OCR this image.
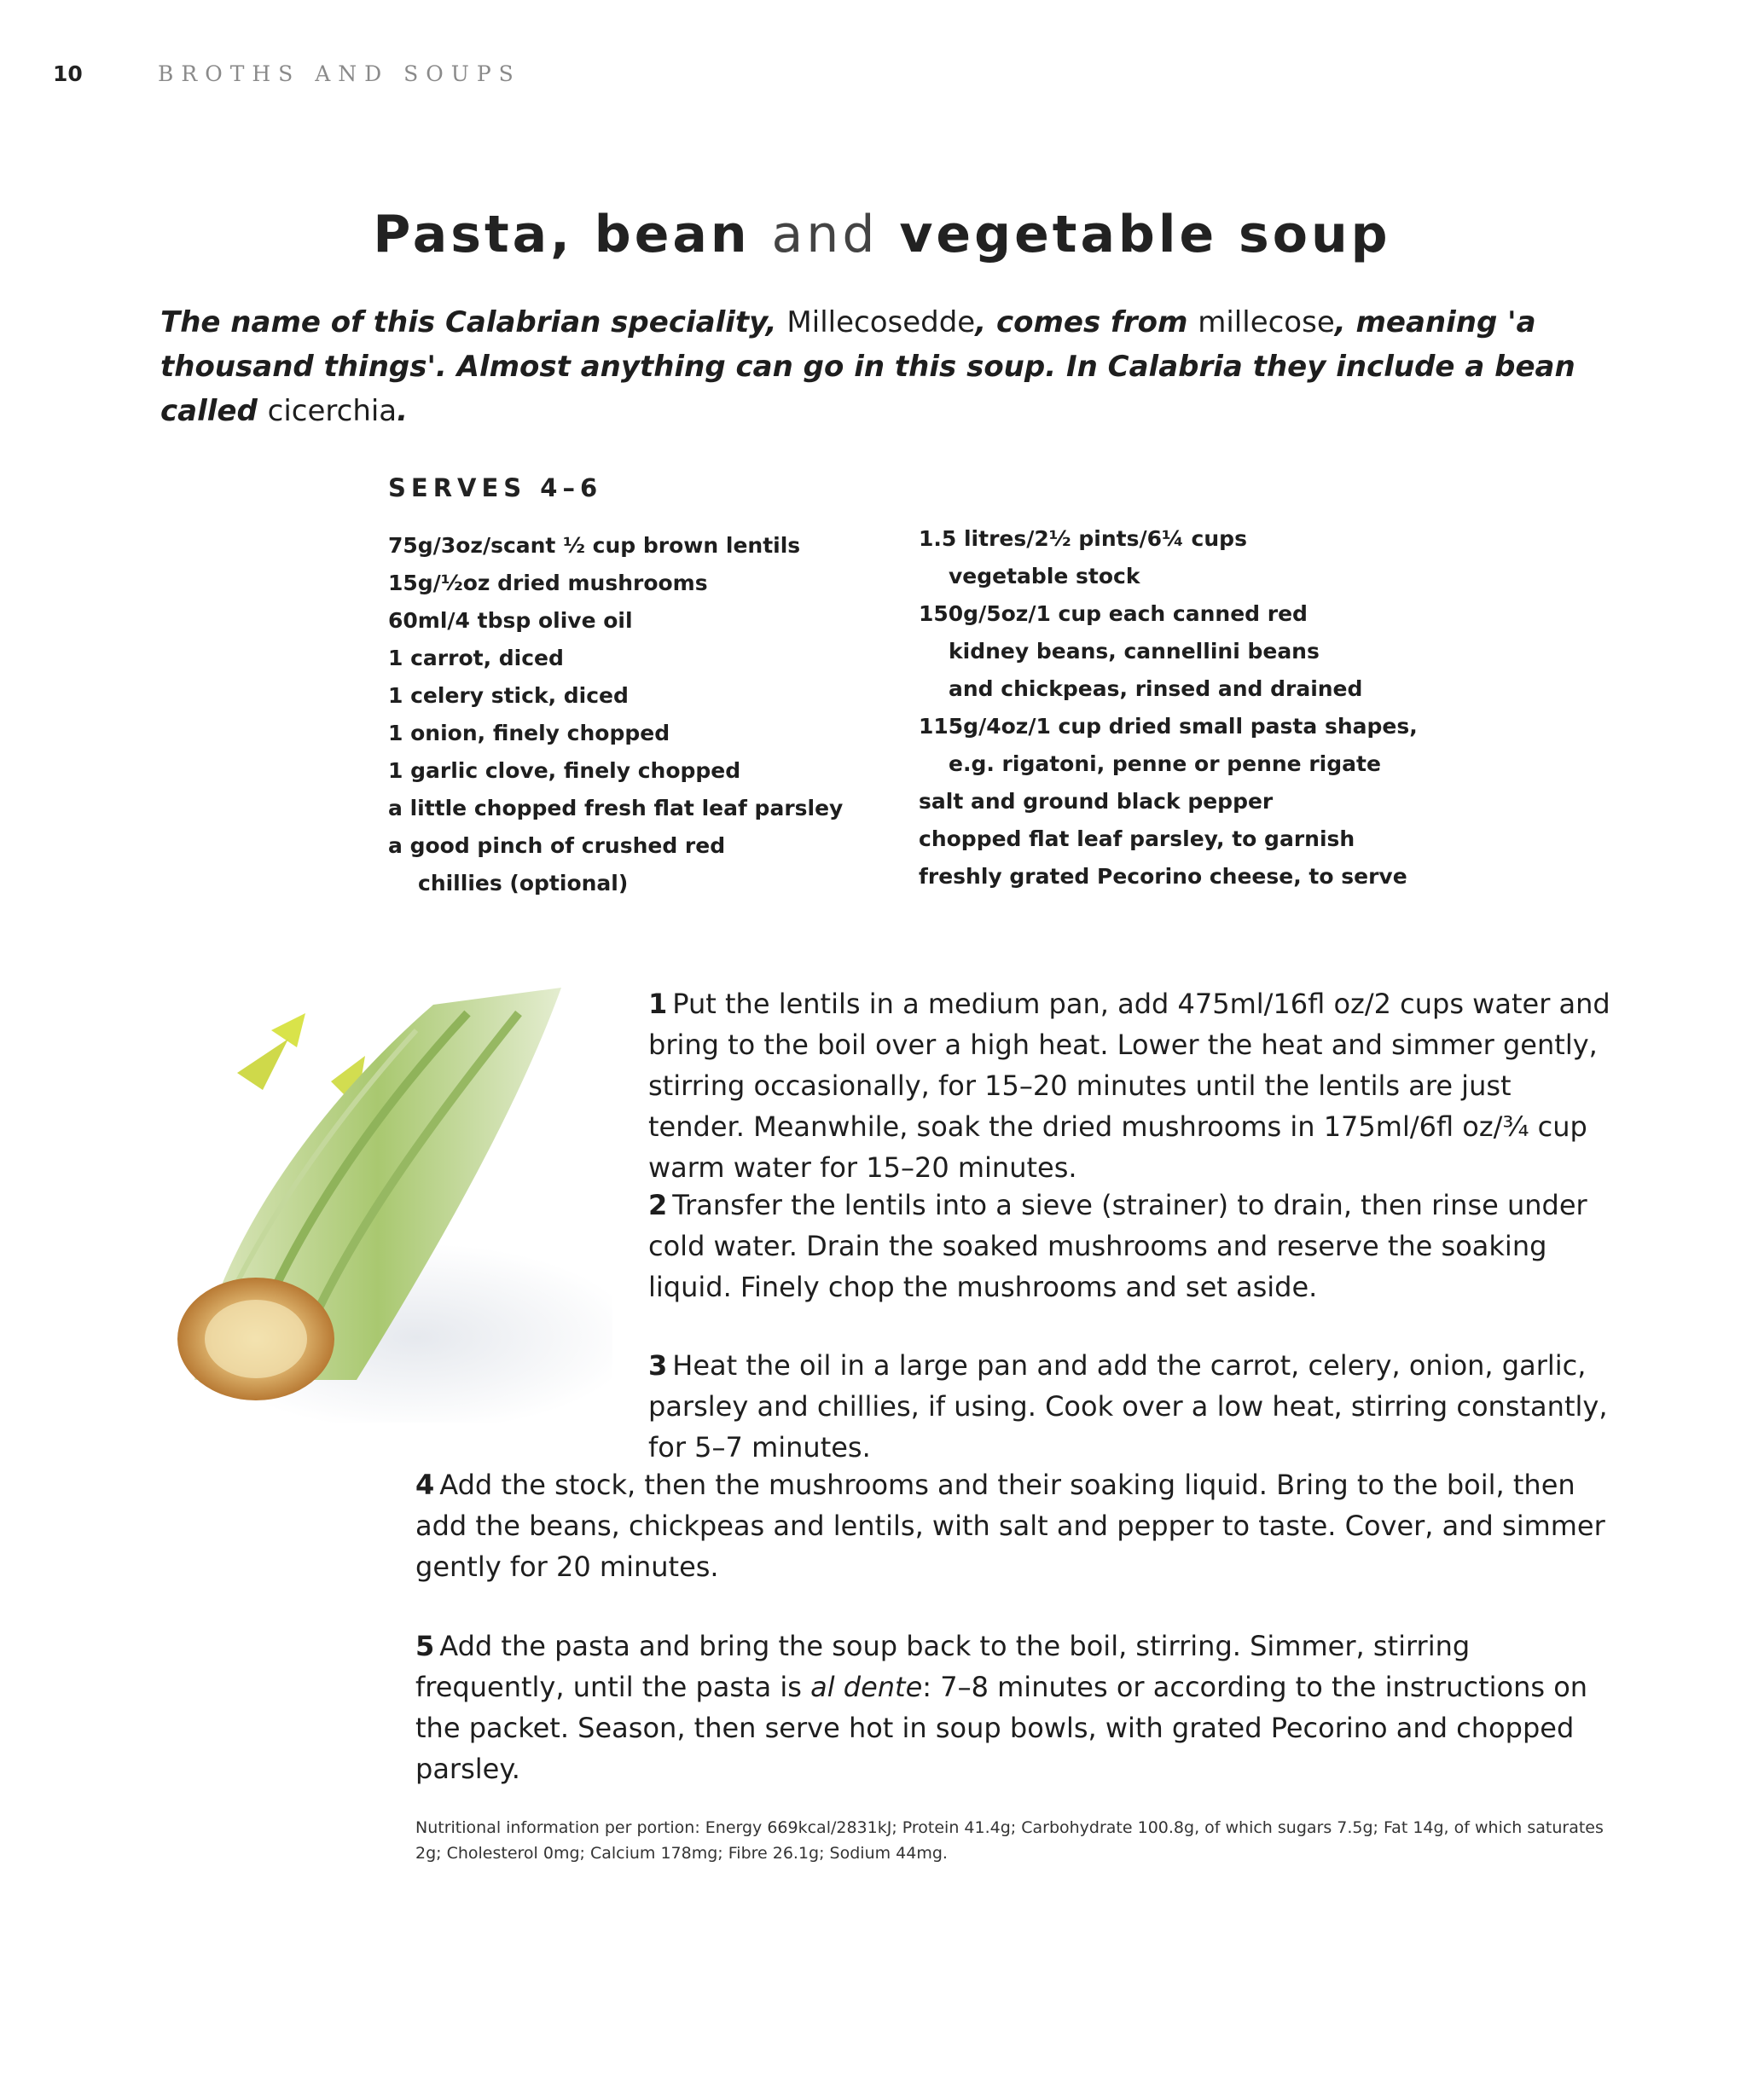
10	BROTHS AND SOUPS
Pasta, bean and vegetable soup

The name of this Calabrian speciality, Millecosedde, comes from millecose, meaning 'a thousand things'. Almost anything can go in this soup. In Calabria they include a bean called cicerchia.

SERVES 4–6
75g/3oz/scant ½ cup brown lentils
15g/½oz dried mushrooms
60ml/4 tbsp olive oil
1 carrot, diced
1 celery stick, diced
1 onion, finely chopped
1 garlic clove, finely chopped
a little chopped fresh flat leaf parsley
a good pinch of crushed red
chillies (optional)
1.5 litres/2½ pints/6¼ cups
vegetable stock
150g/5oz/1 cup each canned red
kidney beans, cannellini beans
and chickpeas, rinsed and drained
115g/4oz/1 cup dried small pasta shapes,
e.g. rigatoni, penne or penne rigate
salt and ground black pepper
chopped flat leaf parsley, to garnish
freshly grated Pecorino cheese, to serve

1 Put the lentils in a medium pan, add 475ml/16fl oz/2 cups water and bring to the boil over a high heat. Lower the heat and simmer gently, stirring occasionally, for 15–20 minutes until the lentils are just tender. Meanwhile, soak the dried mushrooms in 175ml/6fl oz/¾ cup warm water for 15–20 minutes.

2 Transfer the lentils into a sieve (strainer) to drain, then rinse under cold water. Drain the soaked mushrooms and reserve the soaking liquid. Finely chop the mushrooms and set aside.

3 Heat the oil in a large pan and add the carrot, celery, onion, garlic, parsley and chillies, if using. Cook over a low heat, stirring constantly, for 5–7 minutes.

4 Add the stock, then the mushrooms and their soaking liquid. Bring to the boil, then add the beans, chickpeas and lentils, with salt and pepper to taste. Cover, and simmer gently for 20 minutes.

5 Add the pasta and bring the soup back to the boil, stirring. Simmer, stirring frequently, until the pasta is al dente: 7–8 minutes or according to the instructions on the packet. Season, then serve hot in soup bowls, with grated Pecorino and chopped parsley.

Nutritional information per portion: Energy 669kcal/2831kJ; Protein 41.4g; Carbohydrate 100.8g, of which sugars 7.5g; Fat 14g, of which saturates 2g; Cholesterol 0mg; Calcium 178mg; Fibre 26.1g; Sodium 44mg.
